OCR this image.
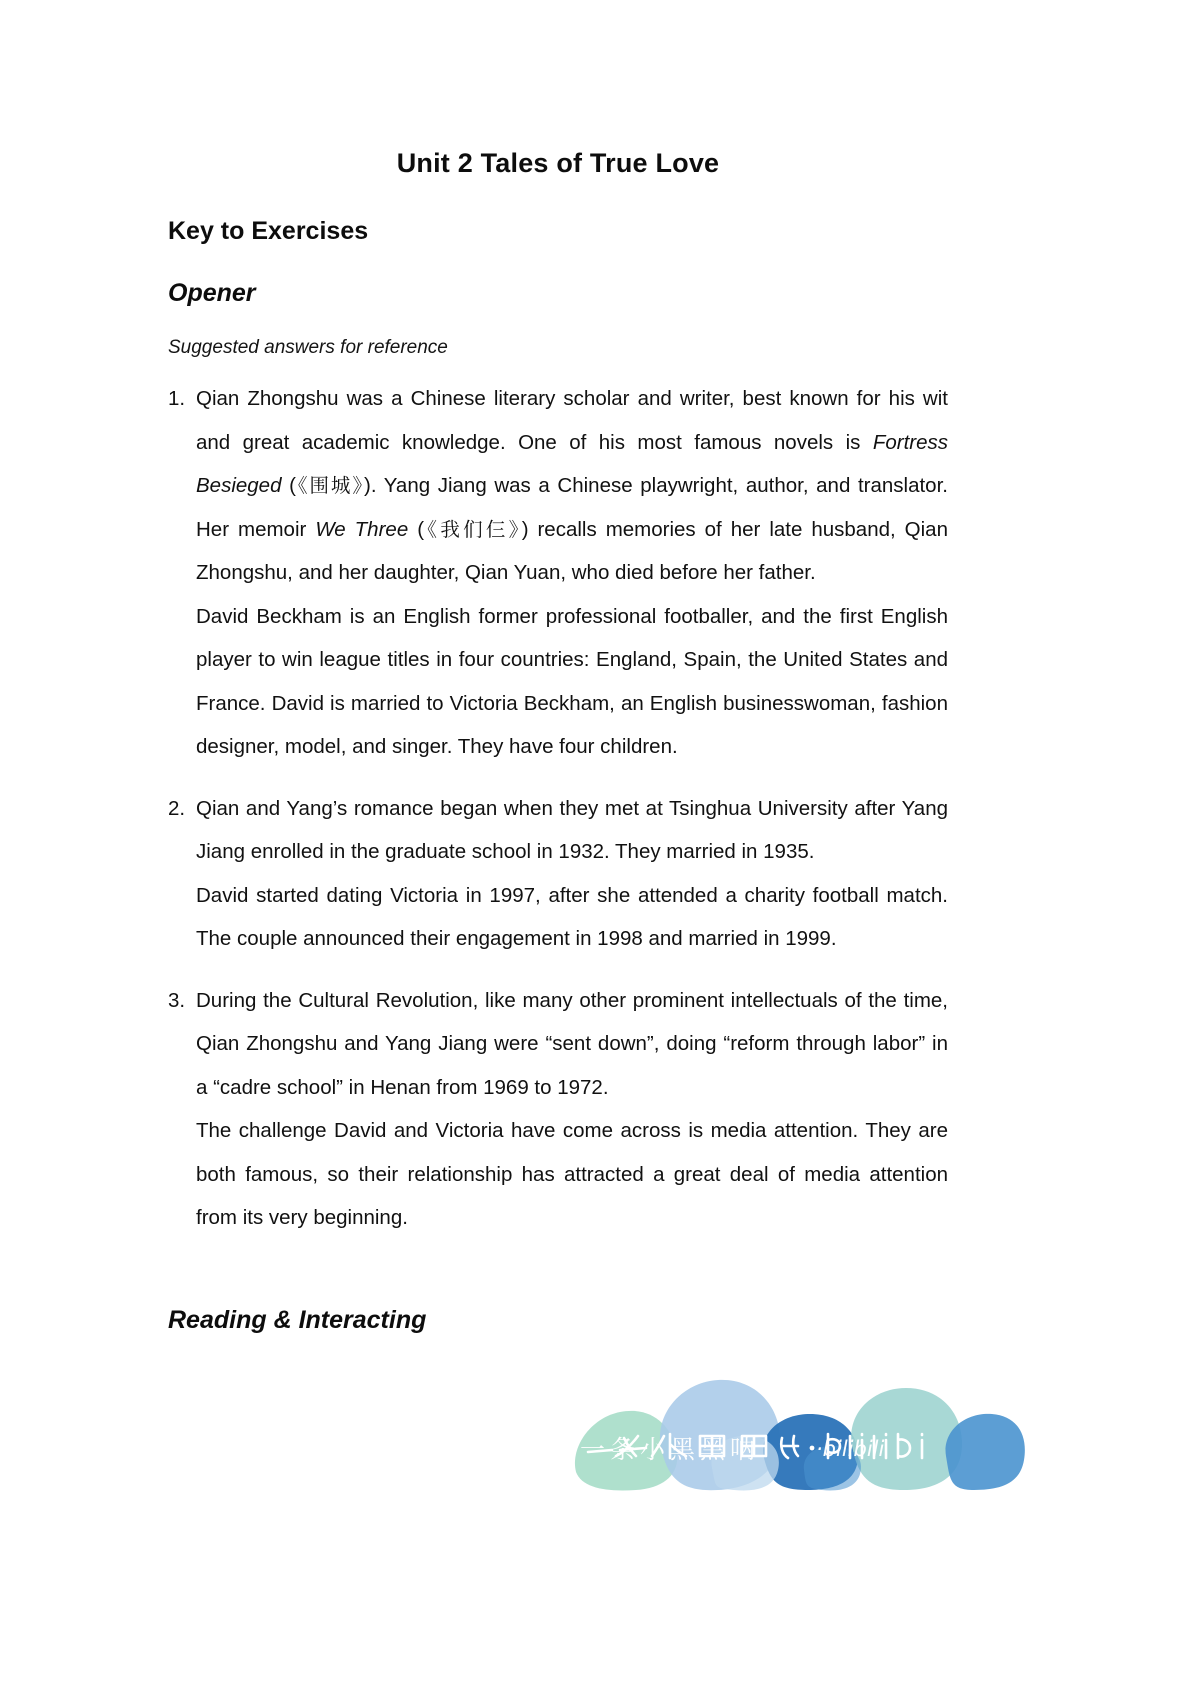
Unit 2 Tales of True Love
Key to Exercises
Opener

Suggested answers for reference

1. Qian Zhongshu was a Chinese literary scholar and writer, best known for his wit and great academic knowledge. One of his most famous novels is Fortress Besieged (《围城》). Yang Jiang was a Chinese playwright, author, and translator. Her memoir We Three (《我们仨》) recalls memories of her late husband, Qian Zhongshu, and her daughter, Qian Yuan, who died before her father.

David Beckham is an English former professional footballer, and the first English player to win league titles in four countries: England, Spain, the United States and France. David is married to Victoria Beckham, an English businesswoman, fashion designer, model, and singer. They have four children.

2. Qian and Yang’s romance began when they met at Tsinghua University after Yang Jiang enrolled in the graduate school in 1932. They married in 1935.

David started dating Victoria in 1997, after she attended a charity football match. The couple announced their engagement in 1998 and married in 1999.

3. During the Cultural Revolution, like many other prominent intellectuals of the time, Qian Zhongshu and Yang Jiang were “sent down”, doing “reform through labor” in a “cadre school” in Henan from 1969 to 1972.

The challenge David and Victoria have come across is media attention. They are both famous, so their relationship has attracted a great deal of media attention from its very beginning.

Reading & Interacting
·bilibili
一条小黑黑呐
